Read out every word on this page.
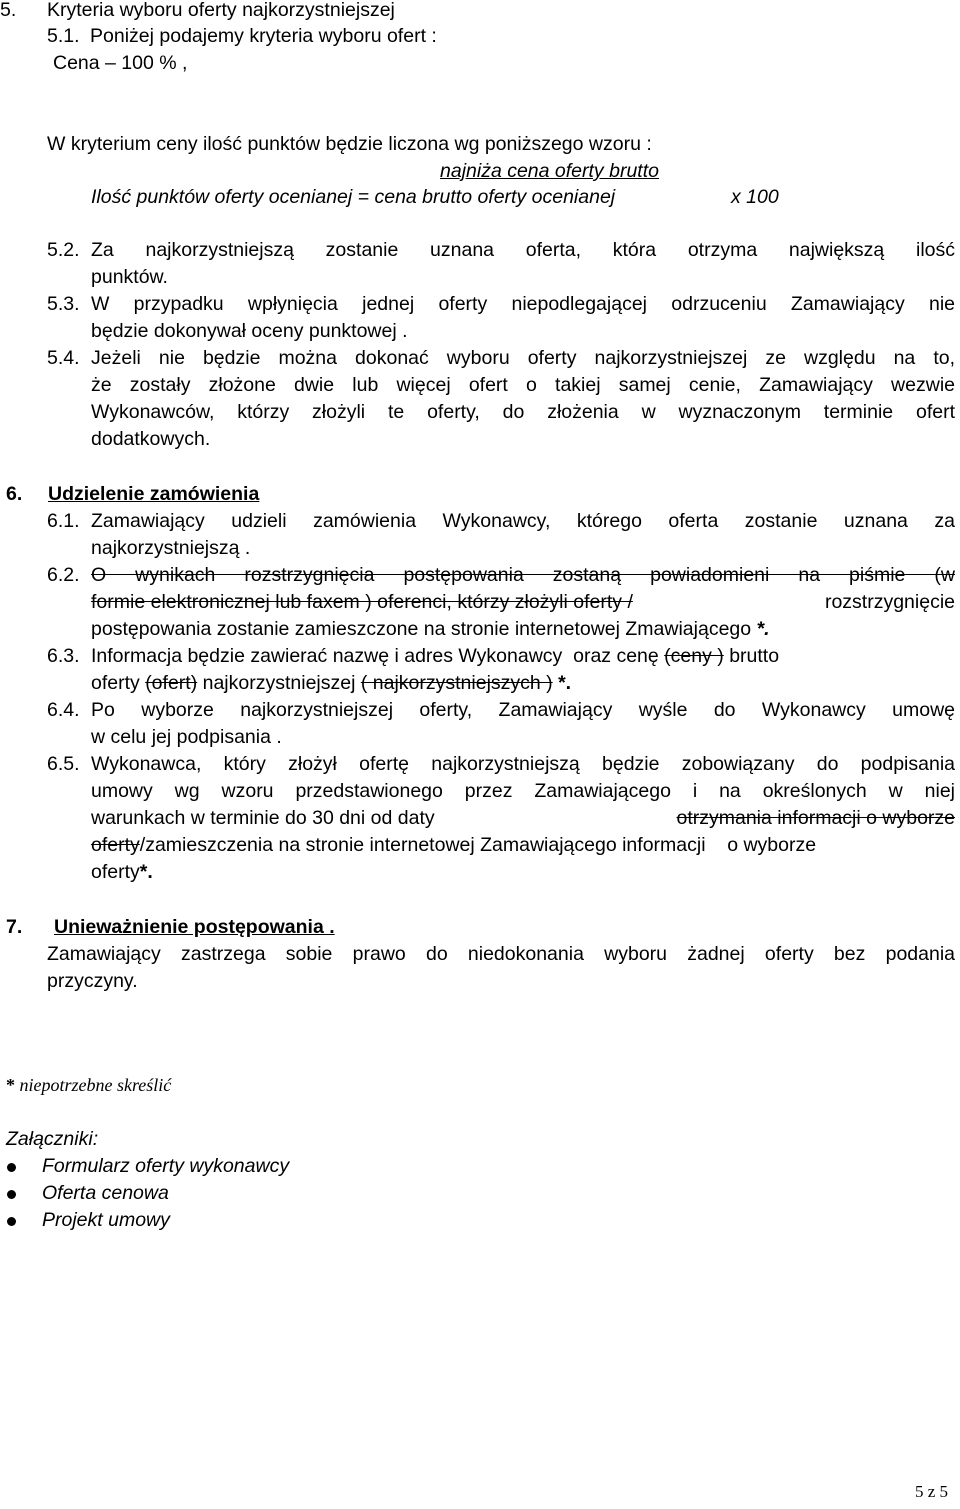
5. Kryteria wyboru oferty najkorzystniejszej
5.1. Poniżej podajemy kryteria wyboru ofert :
Cena – 100 % ,
W kryterium ceny ilość punktów będzie liczona wg poniższego wzoru :
najniża cena oferty brutto
Ilość punktów oferty ocenianej = cena brutto oferty ocenianej	x 100
5.2. Za najkorzystniejszą zostanie uznana oferta, która otrzyma największą ilość
punktów.
5.3. W przypadku wpłynięcia jednej oferty niepodlegającej odrzuceniu Zamawiający nie
będzie dokonywał oceny punktowej .
5.4. Jeżeli nie będzie można dokonać wyboru oferty najkorzystniejszej ze względu na to,
że zostały złożone dwie lub więcej ofert o takiej samej cenie, Zamawiający wezwie
Wykonawców, którzy złożyli te oferty, do złożenia w wyznaczonym terminie ofert
dodatkowych.
6. Udzielenie zamówienia
6.1. Zamawiający udzieli zamówienia Wykonawcy, którego oferta zostanie uznana za
najkorzystniejszą .
6.2. O wynikach rozstrzygnięcia postępowania zostaną powiadomieni na piśmie (w
formie elektronicznej lub faxem ) oferenci, którzy złożyli oferty /	rozstrzygnięcie
postępowania zostanie zamieszczone na stronie internetowej Zmawiającego *.
6.3. Informacja będzie zawierać nazwę i adres Wykonawcy  oraz cenę (ceny ) brutto
oferty (ofert) najkorzystniejszej ( najkorzystniejszych ) *.
6.4. Po wyborze najkorzystniejszej oferty, Zamawiający wyśle do Wykonawcy umowę
w celu jej podpisania .
6.5. Wykonawca, który złożył ofertę najkorzystniejszą będzie zobowiązany do podpisania
umowy wg wzoru przedstawionego przez Zamawiającego i na określonych w niej
warunkach w terminie do 30 dni od daty	otrzymania informacji o wyborze
oferty/zamieszczenia na stronie internetowej Zamawiającego informacji    o wyborze
oferty*.
7. Unieważnienie postępowania .
Zamawiający zastrzega sobie prawo do niedokonania wyboru żadnej oferty bez podania
przyczyny.
* niepotrzebne skreślić
Załączniki:
Formularz oferty wykonawcy
Oferta cenowa
Projekt umowy
5 z 5
